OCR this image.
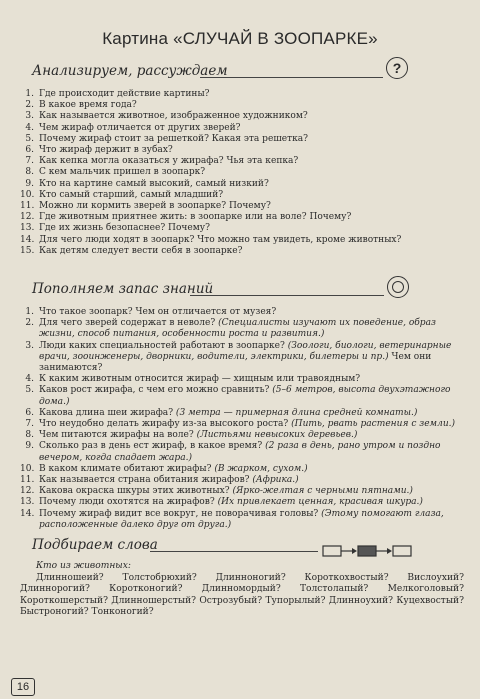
Картина «СЛУЧАЙ В ЗООПАРКЕ»
Анализируем, рассуждаем	?
1. Где происходит действие картины?
2. В какое время года?
3. Как называется животное, изображенное художником?
4. Чем жираф отличается от других зверей?
5. Почему жираф стоит за решеткой? Какая эта решетка?
6. Что жираф держит в зубах?
7. Как кепка могла оказаться у жирафа? Чья эта кепка?
8. С кем мальчик пришел в зоопарк?
9. Кто на картине самый высокий, самый низкий?
10. Кто самый старший, самый младший?
11. Можно ли кормить зверей в зоопарке? Почему?
12. Где животным приятнее жить: в зоопарке или на воле? Почему?
13. Где их жизнь безопаснее? Почему?
14. Для чего люди ходят в зоопарк? Что можно там увидеть, кроме животных?
15. Как детям следует вести себя в зоопарке?
Пополняем запас знаний
1. Что такое зоопарк? Чем он отличается от музея?
2. Для чего зверей содержат в неволе? (Специалисты изучают их поведение, образ жизни, способ питания, особенности роста и развития.)
3. Люди каких специальностей работают в зоопарке? (Зоологи, биологи, ветеринарные врачи, зооинженеры, дворники, водители, электрики, билетеры и пр.) Чем они занимаются?
4. К каким животным относится жираф — хищным или травоядным?
5. Каков рост жирафа, с чем его можно сравнить? (5–6 метров, высота двухэтажного дома.)
6. Какова длина шеи жирафа? (3 метра — примерная длина средней комнаты.)
7. Что неудобно делать жирафу из-за высокого роста? (Пить, рвать растения с земли.)
8. Чем питаются жирафы на воле? (Листьями невысоких деревьев.)
9. Сколько раз в день ест жираф, в какое время? (2 раза в день, рано утром и поздно вечером, когда спадает жара.)
10. В каком климате обитают жирафы? (В жарком, сухом.)
11. Как называется страна обитания жирафов? (Африка.)
12. Какова окраска шкуры этих животных? (Ярко-желтая с черными пятнами.)
13. Почему люди охотятся на жирафов? (Их привлекает ценная, красивая шкура.)
14. Почему жираф видит все вокруг, не поворачивая головы? (Этому помогают глаза, расположенные далеко друг от друга.)
Подбираем слова
Кто из животных:
Длинношеий? Толстобрюхий? Длинноногий? Короткохвостый? Вислоухий? Длиннорогий? Коротконогий? Длинномордый? Толстолапый? Мелкоголовый? Короткошерстый? Длинношерстый? Острозубый? Тупорылый? Длинноухий? Куцехвостый? Быстроногий? Тонконогий?
16
